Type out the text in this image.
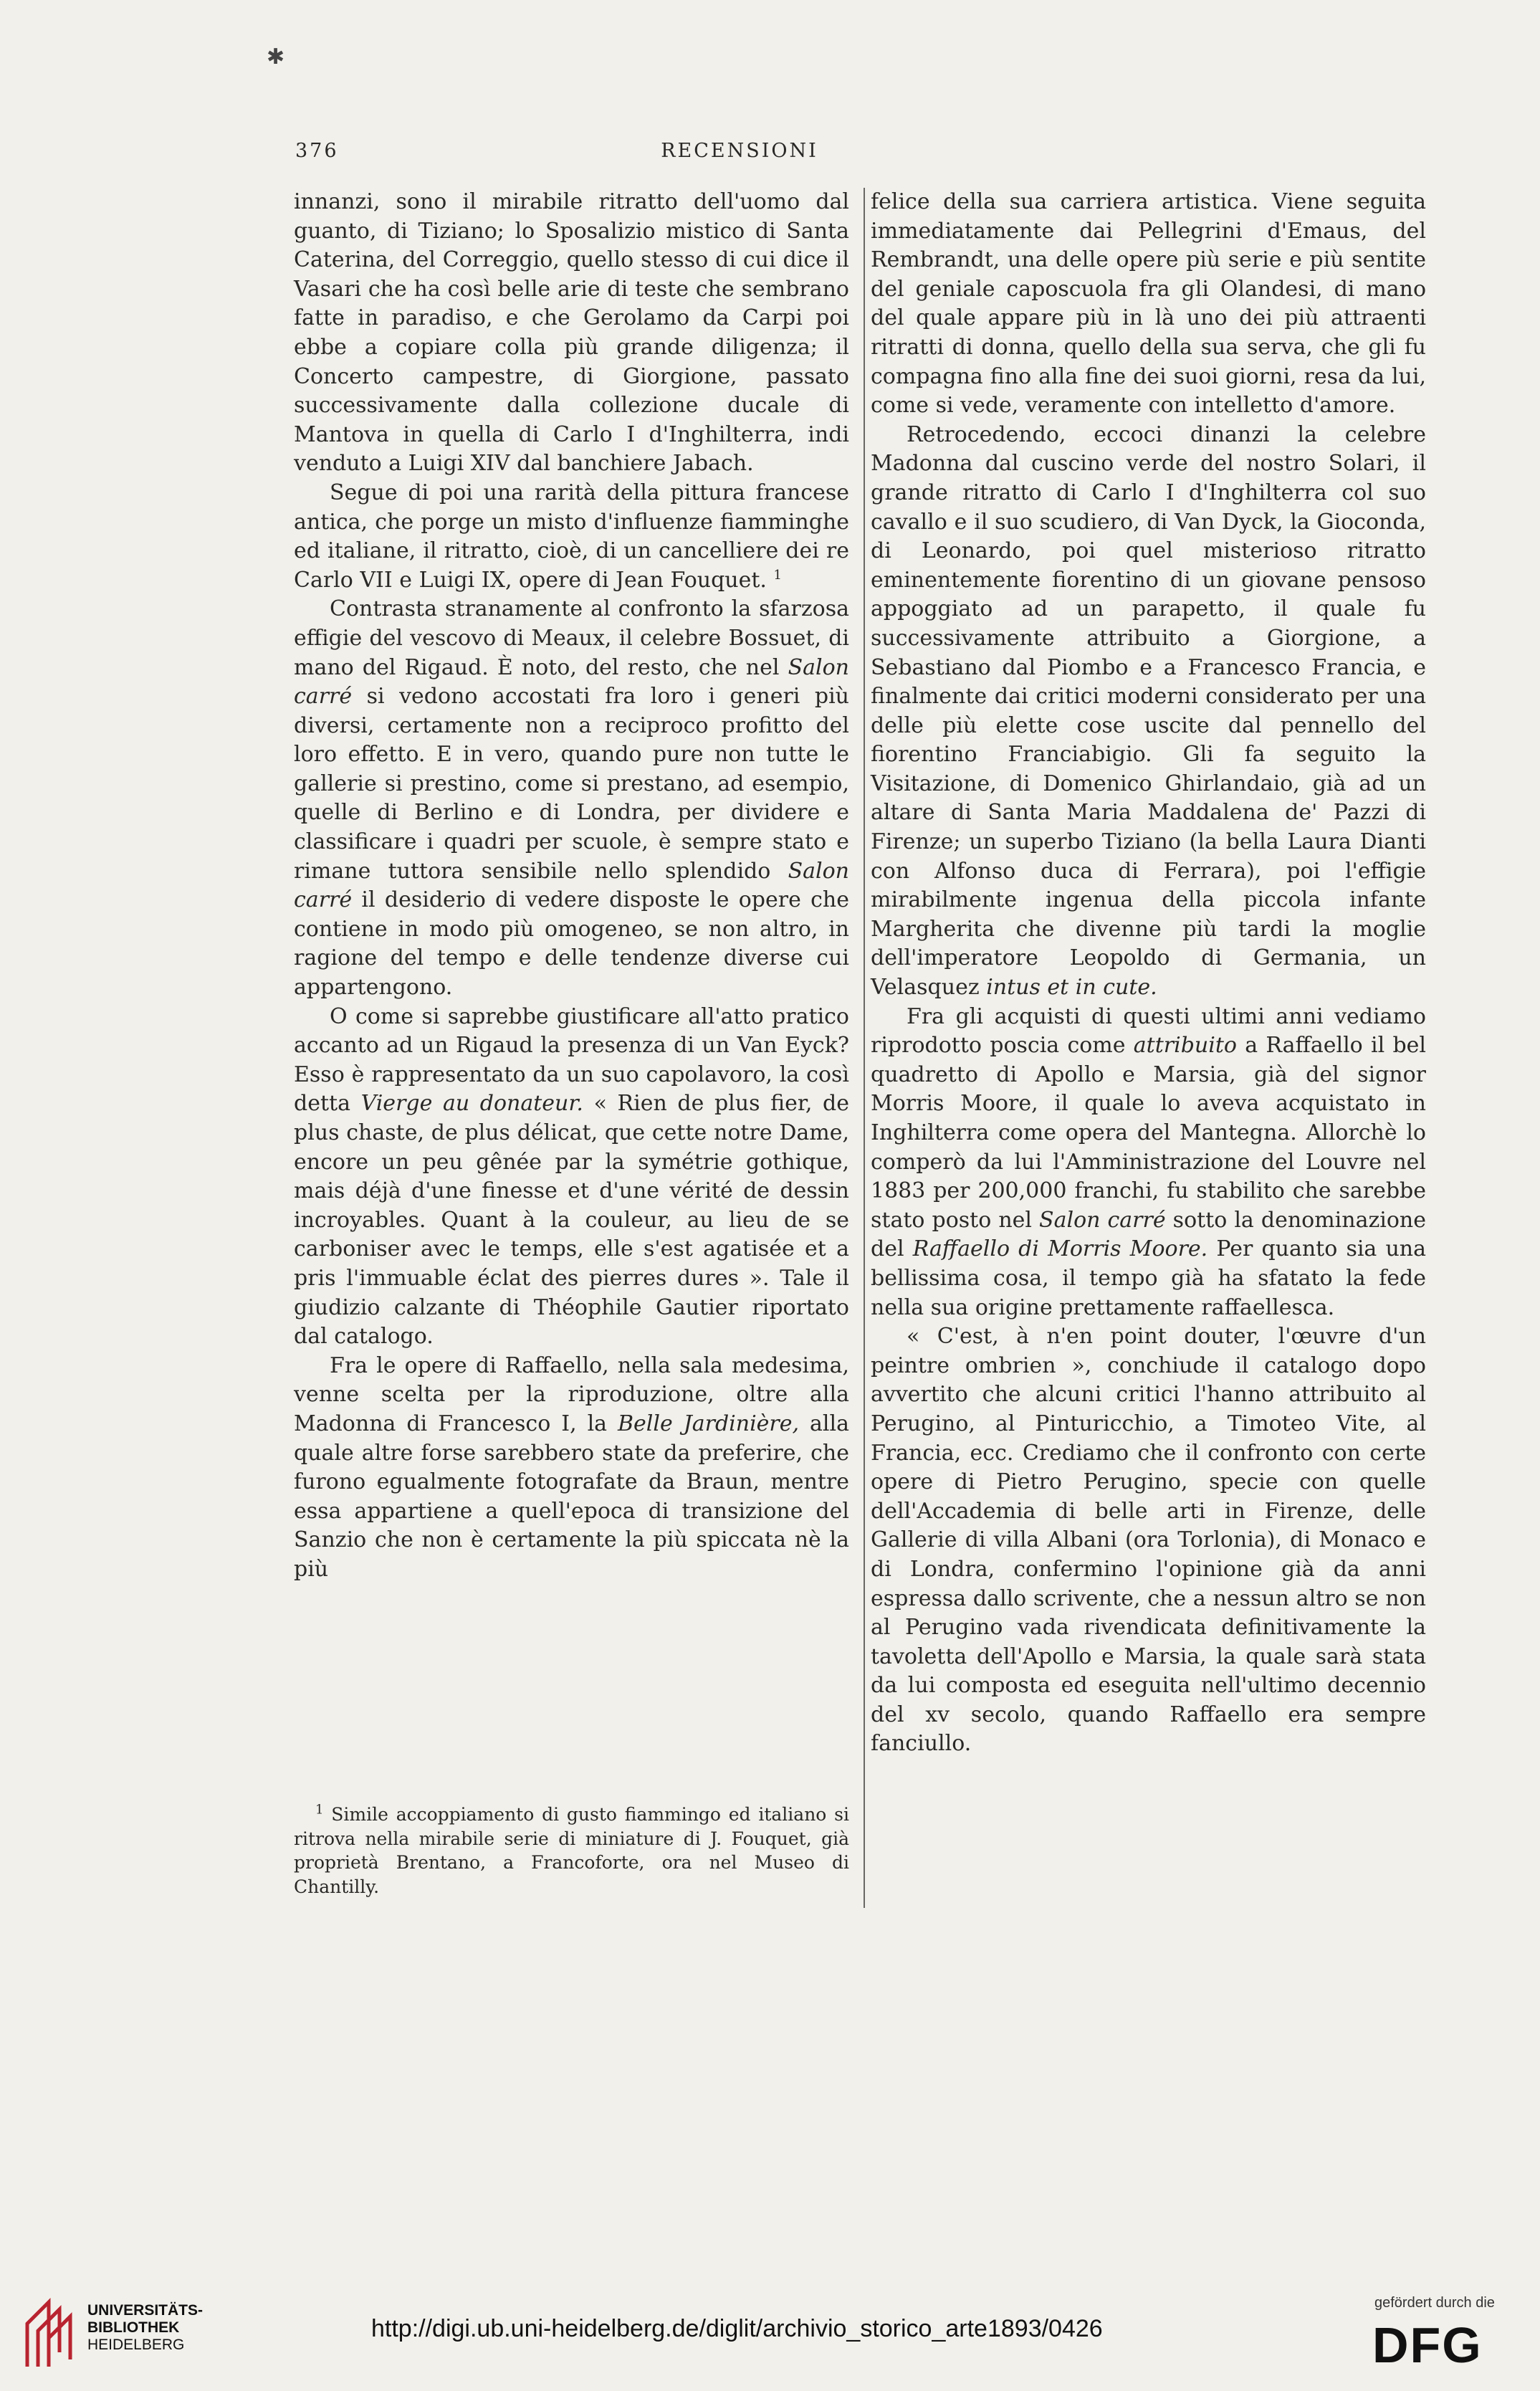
✱
376	RECENSIONI

innanzi, sono il mirabile ritratto dell'uomo dal guanto, di Tiziano; lo Sposalizio mistico di Santa Caterina, del Correggio, quello stesso di cui dice il Vasari che ha così belle arie di teste che sembrano fatte in paradiso, e che Gerolamo da Carpi poi ebbe a copiare colla più grande diligenza; il Concerto campestre, di Giorgione, passato successivamente dalla collezione ducale di Mantova in quella di Carlo I d'Inghilterra, indi venduto a Luigi XIV dal banchiere Jabach.

Segue di poi una rarità della pittura francese antica, che porge un misto d'influenze fiamminghe ed italiane, il ritratto, cioè, di un cancelliere dei re Carlo VII e Luigi IX, opere di Jean Fouquet. $^1$

Contrasta stranamente al confronto la sfarzosa effigie del vescovo di Meaux, il celebre Bossuet, di mano del Rigaud. È noto, del resto, che nel Salon carré si vedono accostati fra loro i generi più diversi, certamente non a reciproco profitto del loro effetto. E in vero, quando pure non tutte le gallerie si prestino, come si prestano, ad esempio, quelle di Berlino e di Londra, per dividere e classificare i quadri per scuole, è sempre stato e rimane tuttora sensibile nello splendido Salon carré il desiderio di vedere disposte le opere che contiene in modo più omogeneo, se non altro, in ragione del tempo e delle tendenze diverse cui appartengono.

O come si saprebbe giustificare all'atto pratico accanto ad un Rigaud la presenza di un Van Eyck? Esso è rappresentato da un suo capolavoro, la così detta Vierge au donateur. « Rien de plus fier, de plus chaste, de plus délicat, que cette notre Dame, encore un peu gênée par la symétrie gothique, mais déjà d'une finesse et d'une vérité de dessin incroyables. Quant à la couleur, au lieu de se carboniser avec le temps, elle s'est agatisée et a pris l'immuable éclat des pierres dures ». Tale il giudizio calzante di Théophile Gautier riportato dal catalogo.

Fra le opere di Raffaello, nella sala medesima, venne scelta per la riproduzione, oltre alla Madonna di Francesco I, la Belle Jardinière, alla quale altre forse sarebbero state da preferire, che furono egualmente fotografate da Braun, mentre essa appartiene a quell'epoca di transizione del Sanzio che non è certamente la più spiccata nè la più

$^1$ Simile accoppiamento di gusto fiammingo ed italiano si ritrova nella mirabile serie di miniature di J. Fouquet, già proprietà Brentano, a Francoforte, ora nel Museo di Chantilly.

felice della sua carriera artistica. Viene seguita immediatamente dai Pellegrini d'Emaus, del Rembrandt, una delle opere più serie e più sentite del geniale caposcuola fra gli Olandesi, di mano del quale appare più in là uno dei più attraenti ritratti di donna, quello della sua serva, che gli fu compagna fino alla fine dei suoi giorni, resa da lui, come si vede, veramente con intelletto d'amore.

Retrocedendo, eccoci dinanzi la celebre Madonna dal cuscino verde del nostro Solari, il grande ritratto di Carlo I d'Inghilterra col suo cavallo e il suo scudiero, di Van Dyck, la Gioconda, di Leonardo, poi quel misterioso ritratto eminentemente fiorentino di un giovane pensoso appoggiato ad un parapetto, il quale fu successivamente attribuito a Giorgione, a Sebastiano dal Piombo e a Francesco Francia, e finalmente dai critici moderni considerato per una delle più elette cose uscite dal pennello del fiorentino Franciabigio. Gli fa seguito la Visitazione, di Domenico Ghirlandaio, già ad un altare di Santa Maria Maddalena de' Pazzi di Firenze; un superbo Tiziano (la bella Laura Dianti con Alfonso duca di Ferrara), poi l'effigie mirabilmente ingenua della piccola infante Margherita che divenne più tardi la moglie dell'imperatore Leopoldo di Germania, un Velasquez intus et in cute.

Fra gli acquisti di questi ultimi anni vediamo riprodotto poscia come attribuito a Raffaello il bel quadretto di Apollo e Marsia, già del signor Morris Moore, il quale lo aveva acquistato in Inghilterra come opera del Mantegna. Allorchè lo comperò da lui l'Amministrazione del Louvre nel 1883 per 200,000 franchi, fu stabilito che sarebbe stato posto nel Salon carré sotto la denominazione del Raffaello di Morris Moore. Per quanto sia una bellissima cosa, il tempo già ha sfatato la fede nella sua origine prettamente raffaellesca.

« C'est, à n'en point douter, l'œuvre d'un peintre ombrien », conchiude il catalogo dopo avvertito che alcuni critici l'hanno attribuito al Perugino, al Pinturicchio, a Timoteo Vite, al Francia, ecc. Crediamo che il confronto con certe opere di Pietro Perugino, specie con quelle dell'Accademia di belle arti in Firenze, delle Gallerie di villa Albani (ora Torlonia), di Monaco e di Londra, confermino l'opinione già da anni espressa dallo scrivente, che a nessun altro se non al Perugino vada rivendicata definitivamente la tavoletta dell'Apollo e Marsia, la quale sarà stata da lui composta ed eseguita nell'ultimo decennio del xv secolo, quando Raffaello era sempre fanciullo.

UNIVERSITÄTS-
BIBLIOTHEK
HEIDELBERG
http://digi.ub.uni-heidelberg.de/diglit/archivio_storico_arte1893/0426
gefördert durch die
DFG
